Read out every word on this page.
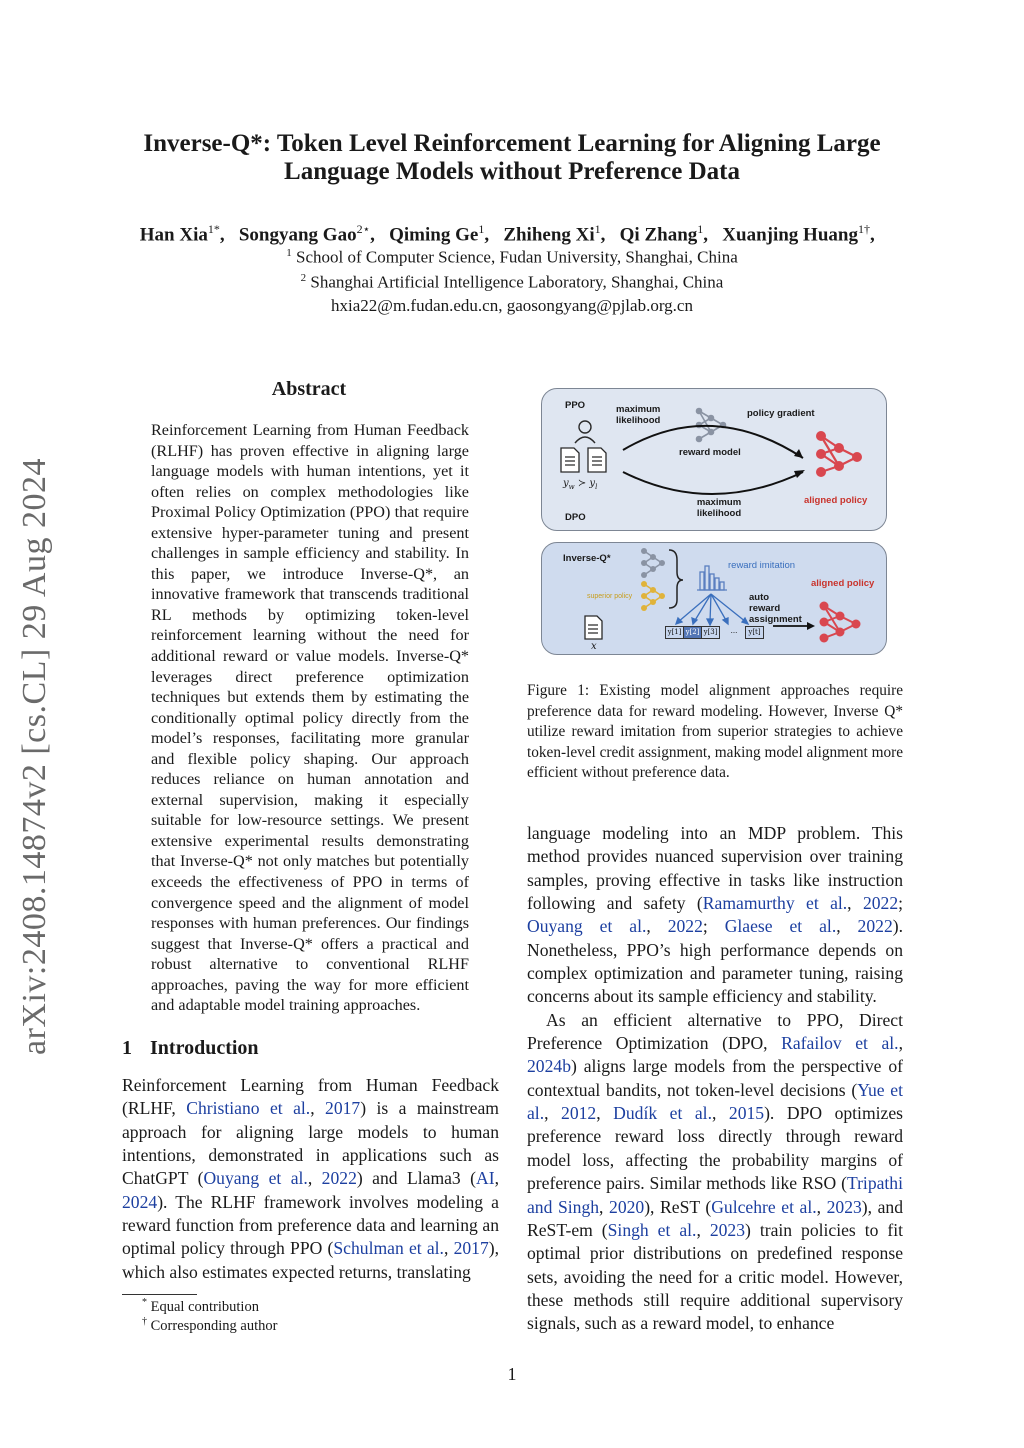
arXiv:2408.14874v2 [cs.CL] 29 Aug 2024
Inverse-Q*: Token Level Reinforcement Learning for Aligning Large
Language Models without Preference Data
Han Xia$^{1*}$,  Songyang Gao$^{2⋆}$,  Qiming Ge$^1$,  Zhiheng Xi$^1$,  Qi Zhang$^1$,  Xuanjing Huang$^{1\dagger}$, 
$^1$ School of Computer Science, Fudan University, Shanghai, China
$^2$ Shanghai Artificial Intelligence Laboratory, Shanghai, China
hxia22@m.fudan.edu.cn, gaosongyang@pjlab.org.cn
Abstract
Reinforcement Learning from Human Feedback (RLHF) has proven effective in aligning large language models with human intentions, yet it often relies on complex methodologies like Proximal Policy Optimization (PPO) that require extensive hyper-parameter tuning and present challenges in sample efficiency and stability. In this paper, we introduce Inverse-Q*, an innovative framework that transcends traditional RL methods by optimizing token-level reinforcement learning without the need for additional reward or value models. Inverse-Q* leverages direct preference optimization techniques but extends them by estimating the conditionally optimal policy directly from the model’s responses, facilitating more granular and flexible policy shaping. Our approach reduces reliance on human annotation and external supervision, making it especially suitable for low-resource settings. We present extensive experimental results demonstrating that Inverse-Q* not only matches but potentially exceeds the effectiveness of PPO in terms of convergence speed and the alignment of model responses with human preferences. Our findings suggest that Inverse-Q* offers a practical and robust alternative to conventional RLHF approaches, paving the way for more efficient and adaptable model training approaches.
1 Introduction

Reinforcement Learning from Human Feedback (RLHF, Christiano et al., 2017) is a mainstream approach for aligning large models to human intentions, demonstrated in applications such as ChatGPT (Ouyang et al., 2022) and Llama3 (AI, 2024). The RLHF framework involves modeling a reward function from preference data and learning an optimal policy through PPO (Schulman et al., 2017), which also estimates expected returns, translating

language modeling into an MDP problem. This method provides nuanced supervision over training samples, proving effective in tasks like instruction following and safety (Ramamurthy et al., 2022; Ouyang et al., 2022; Glaese et al., 2022). Nonetheless, PPO’s high performance depends on complex optimization and parameter tuning, raising concerns about its sample efficiency and stability.

As an efficient alternative to PPO, Direct Preference Optimization (DPO, Rafailov et al., 2024b) aligns large models from the perspective of contextual bandits, not token-level decisions (Yue et al., 2012, Dudík et al., 2015). DPO optimizes preference reward loss directly through reward model loss, affecting the probability margins of preference pairs. Similar methods like RSO (Tripathi and Singh, 2020), ReST (Gulcehre et al., 2023), and ReST-em (Singh et al., 2023) train policies to fit optimal prior distributions on predefined response sets, avoiding the need for a critic model. However, these methods still require additional supervisory signals, such as a reward model, to enhance

* Equal contribution
† Corresponding author
PPO	maximum likelihood
policy gradient
reward model
maximum likelihood
aligned policy
DPO
$y_w$ ≻ $y_l$
Inverse-Q*
reward imitation
superior policy	auto reward assignment
aligned policy
x
y[1] y[2] y[3]	...	y[t]
Figure 1: Existing model alignment approaches require preference data for reward modeling. However, Inverse Q* utilize reward imitation from superior strategies to achieve token-level credit assignment, making model alignment more efficient without preference data.
1
